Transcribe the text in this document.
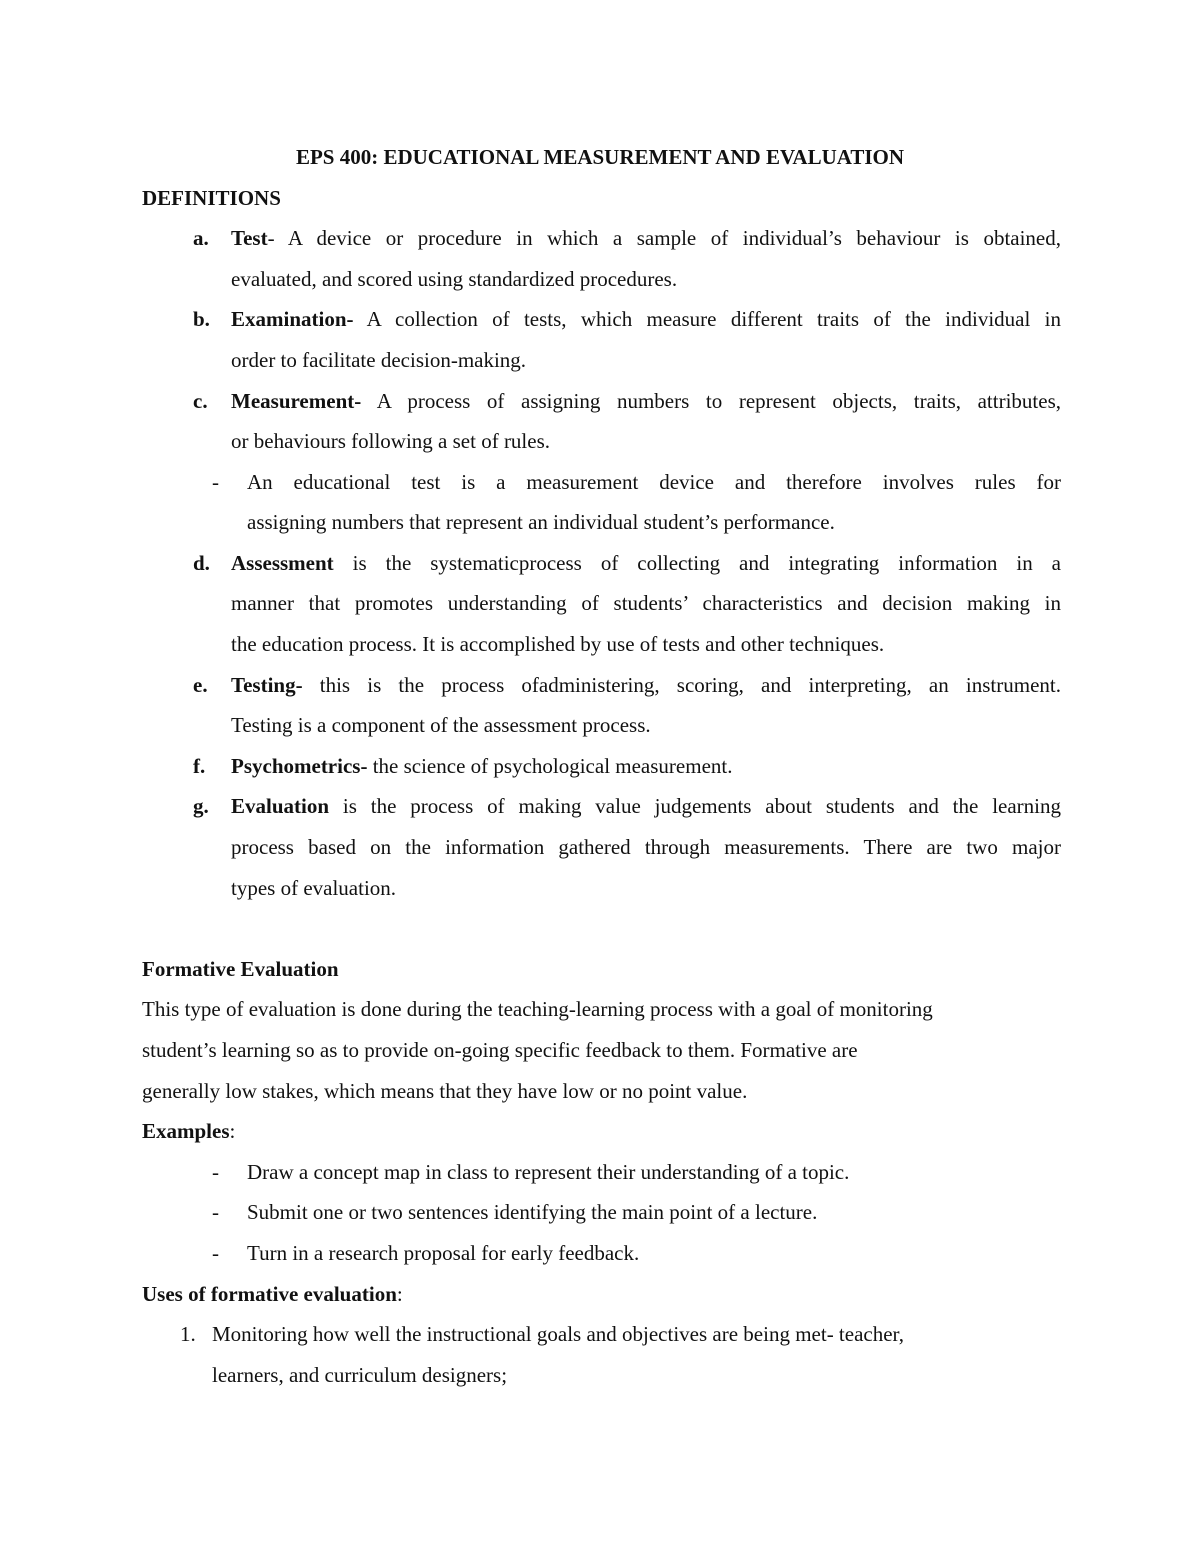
EPS 400: EDUCATIONAL MEASUREMENT AND EVALUATION
DEFINITIONS
a. Test- A device or procedure in which a sample of individual’s behaviour is obtained,
evaluated, and scored using standardized procedures.
b. Examination- A collection of tests, which measure different traits of the individual in
order to facilitate decision-making.
c. Measurement- A process of assigning numbers to represent objects, traits, attributes,
or behaviours following a set of rules.
- An educational test is a measurement device and therefore involves rules for
assigning numbers that represent an individual student’s performance.
d. Assessment is the systematicprocess of collecting and integrating information in a
manner that promotes understanding of students’ characteristics and decision making in
the education process. It is accomplished by use of tests and other techniques.
e. Testing- this is the process ofadministering, scoring, and interpreting, an instrument.
Testing is a component of the assessment process.
f. Psychometrics- the science of psychological measurement.
g. Evaluation is the process of making value judgements about students and the learning
process based on the information gathered through measurements. There are two major
types of evaluation.
Formative Evaluation
This type of evaluation is done during the teaching-learning process with a goal of monitoring
student’s learning so as to provide on-going specific feedback to them. Formative are
generally low stakes, which means that they have low or no point value.
Examples:
- Draw a concept map in class to represent their understanding of a topic.
- Submit one or two sentences identifying the main point of a lecture.
- Turn in a research proposal for early feedback.
Uses of formative evaluation:
1. Monitoring how well the instructional goals and objectives are being met- teacher,
learners, and curriculum designers;
